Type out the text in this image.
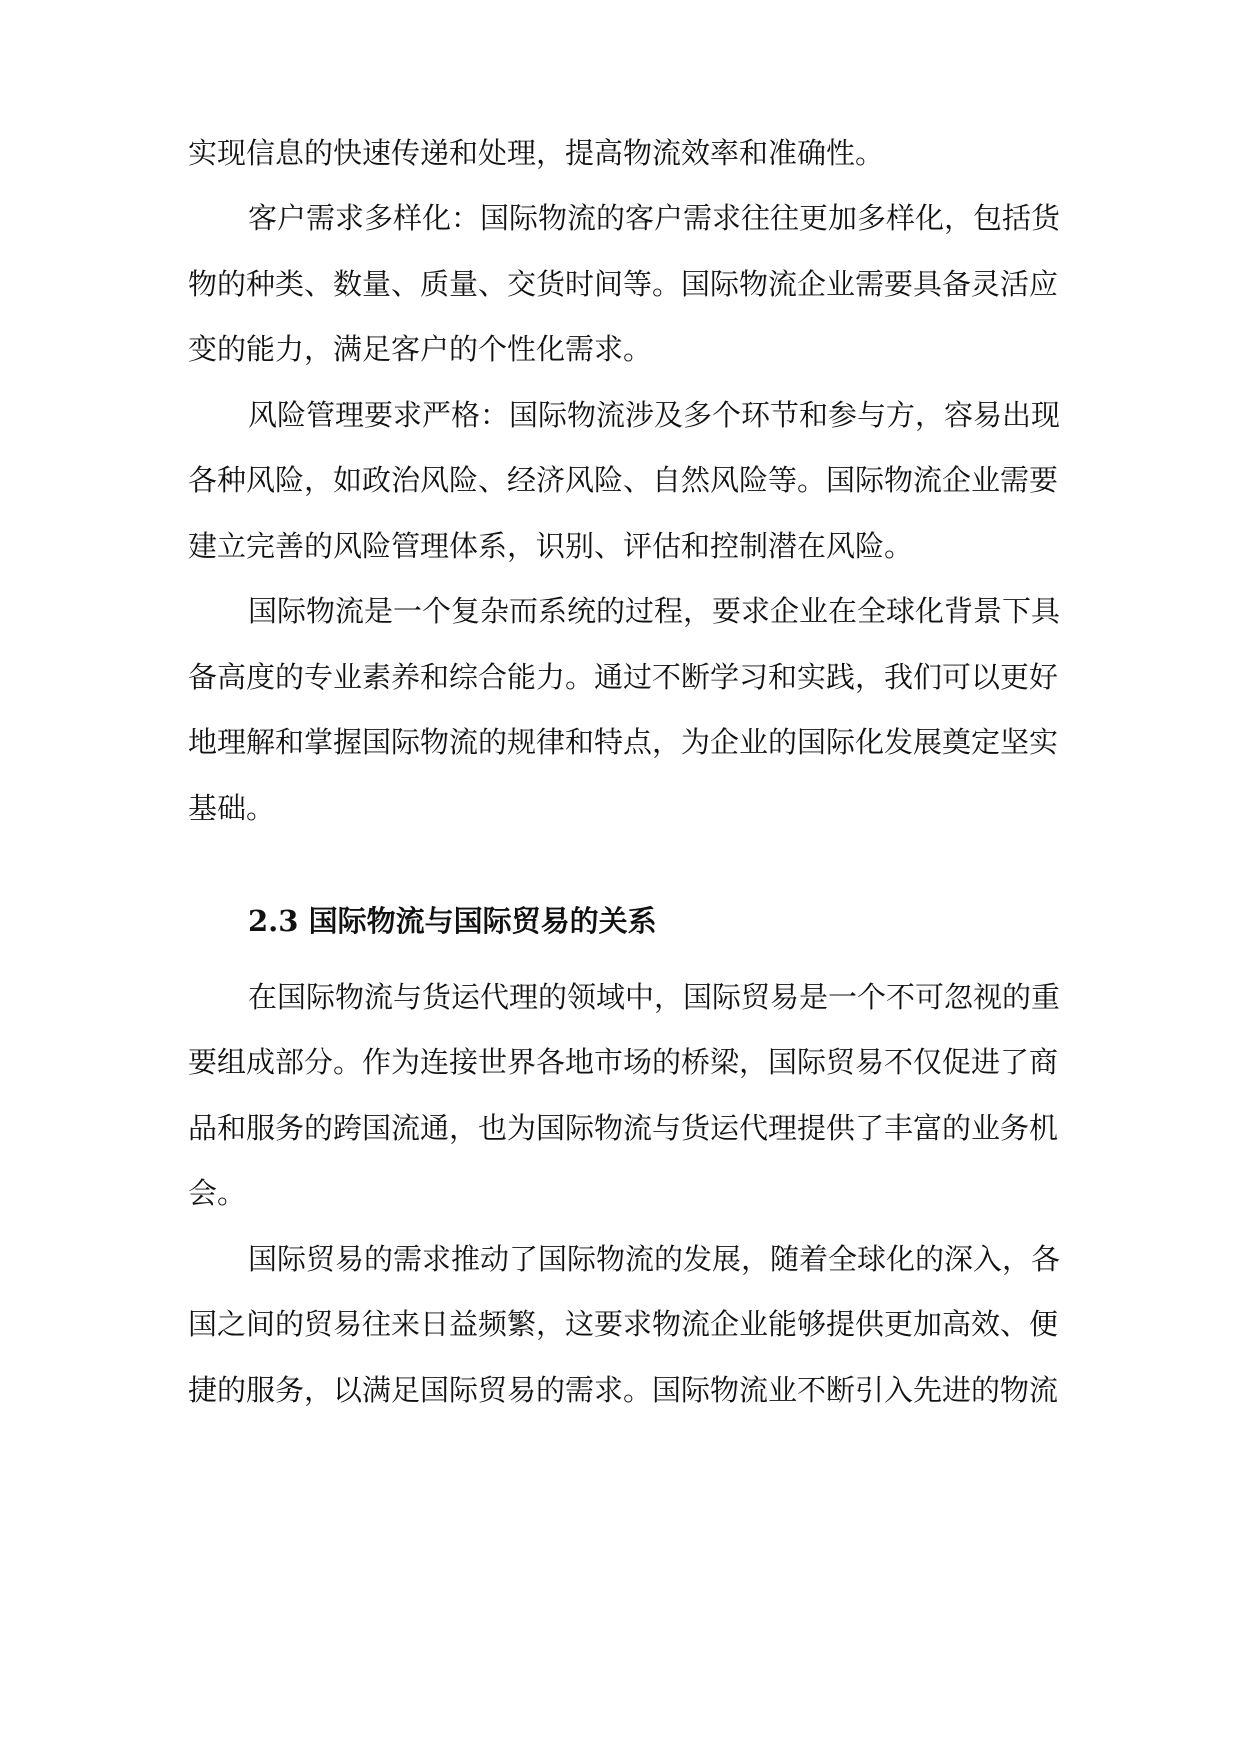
实现信息的快速传递和处理，提高物流效率和准确性。
客户需求多样化：国际物流的客户需求往往更加多样化，包括货
物的种类、数量、质量、交货时间等。国际物流企业需要具备灵活应
变的能力，满足客户的个性化需求。
风险管理要求严格：国际物流涉及多个环节和参与方，容易出现
各种风险，如政治风险、经济风险、自然风险等。国际物流企业需要
建立完善的风险管理体系，识别、评估和控制潜在风险。
国际物流是一个复杂而系统的过程，要求企业在全球化背景下具
备高度的专业素养和综合能力。通过不断学习和实践，我们可以更好
地理解和掌握国际物流的规律和特点，为企业的国际化发展奠定坚实
基础。
2.3 国际物流与国际贸易的关系
在国际物流与货运代理的领域中，国际贸易是一个不可忽视的重
要组成部分。作为连接世界各地市场的桥梁，国际贸易不仅促进了商
品和服务的跨国流通，也为国际物流与货运代理提供了丰富的业务机
会。
国际贸易的需求推动了国际物流的发展，随着全球化的深入，各
国之间的贸易往来日益频繁，这要求物流企业能够提供更加高效、便
捷的服务，以满足国际贸易的需求。国际物流业不断引入先进的物流
